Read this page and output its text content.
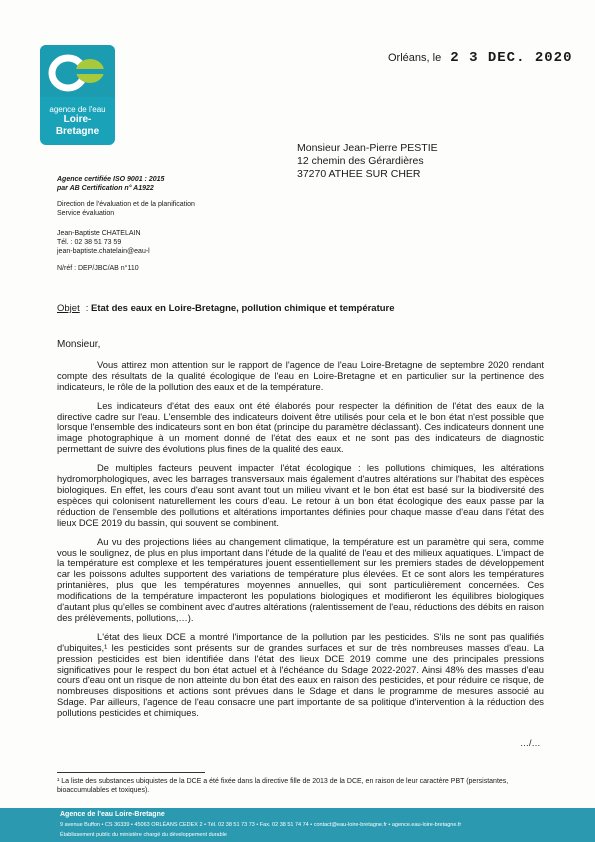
agence de l'eau
Loire-Bretagne
Orléans, le 2 3 DEC. 2020
Monsieur Jean-Pierre PESTIE
12 chemin des Gérardières
37270 ATHEE SUR CHER
Agence certifiée ISO 9001 : 2015
par AB Certification n° A1922
Direction de l'évaluation et de la planification
Service évaluation
Jean-Baptiste CHATELAIN
Tél. : 02 38 51 73 59
jean-baptiste.chatelain@eau-l
N/réf : DEP/JBC/AB n°110
Objet : Etat des eaux en Loire-Bretagne, pollution chimique et température

Monsieur,

Vous attirez mon attention sur le rapport de l'agence de l'eau Loire-Bretagne de septembre 2020 rendant compte des résultats de la qualité écologique de l'eau en Loire-Bretagne et en particulier sur la pertinence des indicateurs, le rôle de la pollution des eaux et de la température.

Les indicateurs d'état des eaux ont été élaborés pour respecter la définition de l'état des eaux de la directive cadre sur l'eau. L'ensemble des indicateurs doivent être utilisés pour cela et le bon état n'est possible que lorsque l'ensemble des indicateurs sont en bon état (principe du paramètre déclassant). Ces indicateurs donnent une image photographique à un moment donné de l'état des eaux et ne sont pas des indicateurs de diagnostic permettant de suivre des évolutions plus fines de la qualité des eaux.

De multiples facteurs peuvent impacter l'état écologique : les pollutions chimiques, les altérations hydromorphologiques, avec les barrages transversaux mais également d'autres altérations sur l'habitat des espèces biologiques. En effet, les cours d'eau sont avant tout un milieu vivant et le bon état est basé sur la biodiversité des espèces qui colonisent naturellement les cours d'eau. Le retour à un bon état écologique des eaux passe par la réduction de l'ensemble des pollutions et altérations importantes définies pour chaque masse d'eau dans l'état des lieux DCE 2019 du bassin, qui souvent se combinent.

Au vu des projections liées au changement climatique, la température est un paramètre qui sera, comme vous le soulignez, de plus en plus important dans l'étude de la qualité de l'eau et des milieux aquatiques. L'impact de la température est complexe et les températures jouent essentiellement sur les premiers stades de développement car les poissons adultes supportent des variations de température plus élevées. Et ce sont alors les températures printanières, plus que les températures moyennes annuelles, qui sont particulièrement concernées. Ces modifications de la température impacteront les populations biologiques et modifieront les équilibres biologiques d'autant plus qu'elles se combinent avec d'autres altérations (ralentissement de l'eau, réductions des débits en raison des prélèvements, pollutions,…).

L'état des lieux DCE a montré l'importance de la pollution par les pesticides. S'ils ne sont pas qualifiés d'ubiquites,¹ les pesticides sont présents sur de grandes surfaces et sur de très nombreuses masses d'eau. La pression pesticides est bien identifiée dans l'état des lieux DCE 2019 comme une des principales pressions significatives pour le respect du bon état actuel et à l'échéance du Sdage 2022-2027. Ainsi 48% des masses d'eau cours d'eau ont un risque de non atteinte du bon état des eaux en raison des pesticides, et pour réduire ce risque, de nombreuses dispositions et actions sont prévues dans le Sdage et dans le programme de mesures associé au Sdage. Par ailleurs, l'agence de l'eau consacre une part importante de sa politique d'intervention à la réduction des pollutions pesticides et chimiques.

…/…
¹ La liste des substances ubiquistes de la DCE a été fixée dans la directive fille de 2013 de la DCE, en raison de leur caractère PBT (persistantes, bioaccumulables et toxiques).
Agence de l'eau Loire-Bretagne
9 avenue Buffon • CS 36339 • 45063 ORLÉANS CEDEX 2 • Tél. 02 38 51 73 73 • Fax. 02 38 51 74 74 • contact@eau-loire-bretagne.fr • agence.eau-loire-bretagne.fr
Établissement public du ministère chargé du développement durable
